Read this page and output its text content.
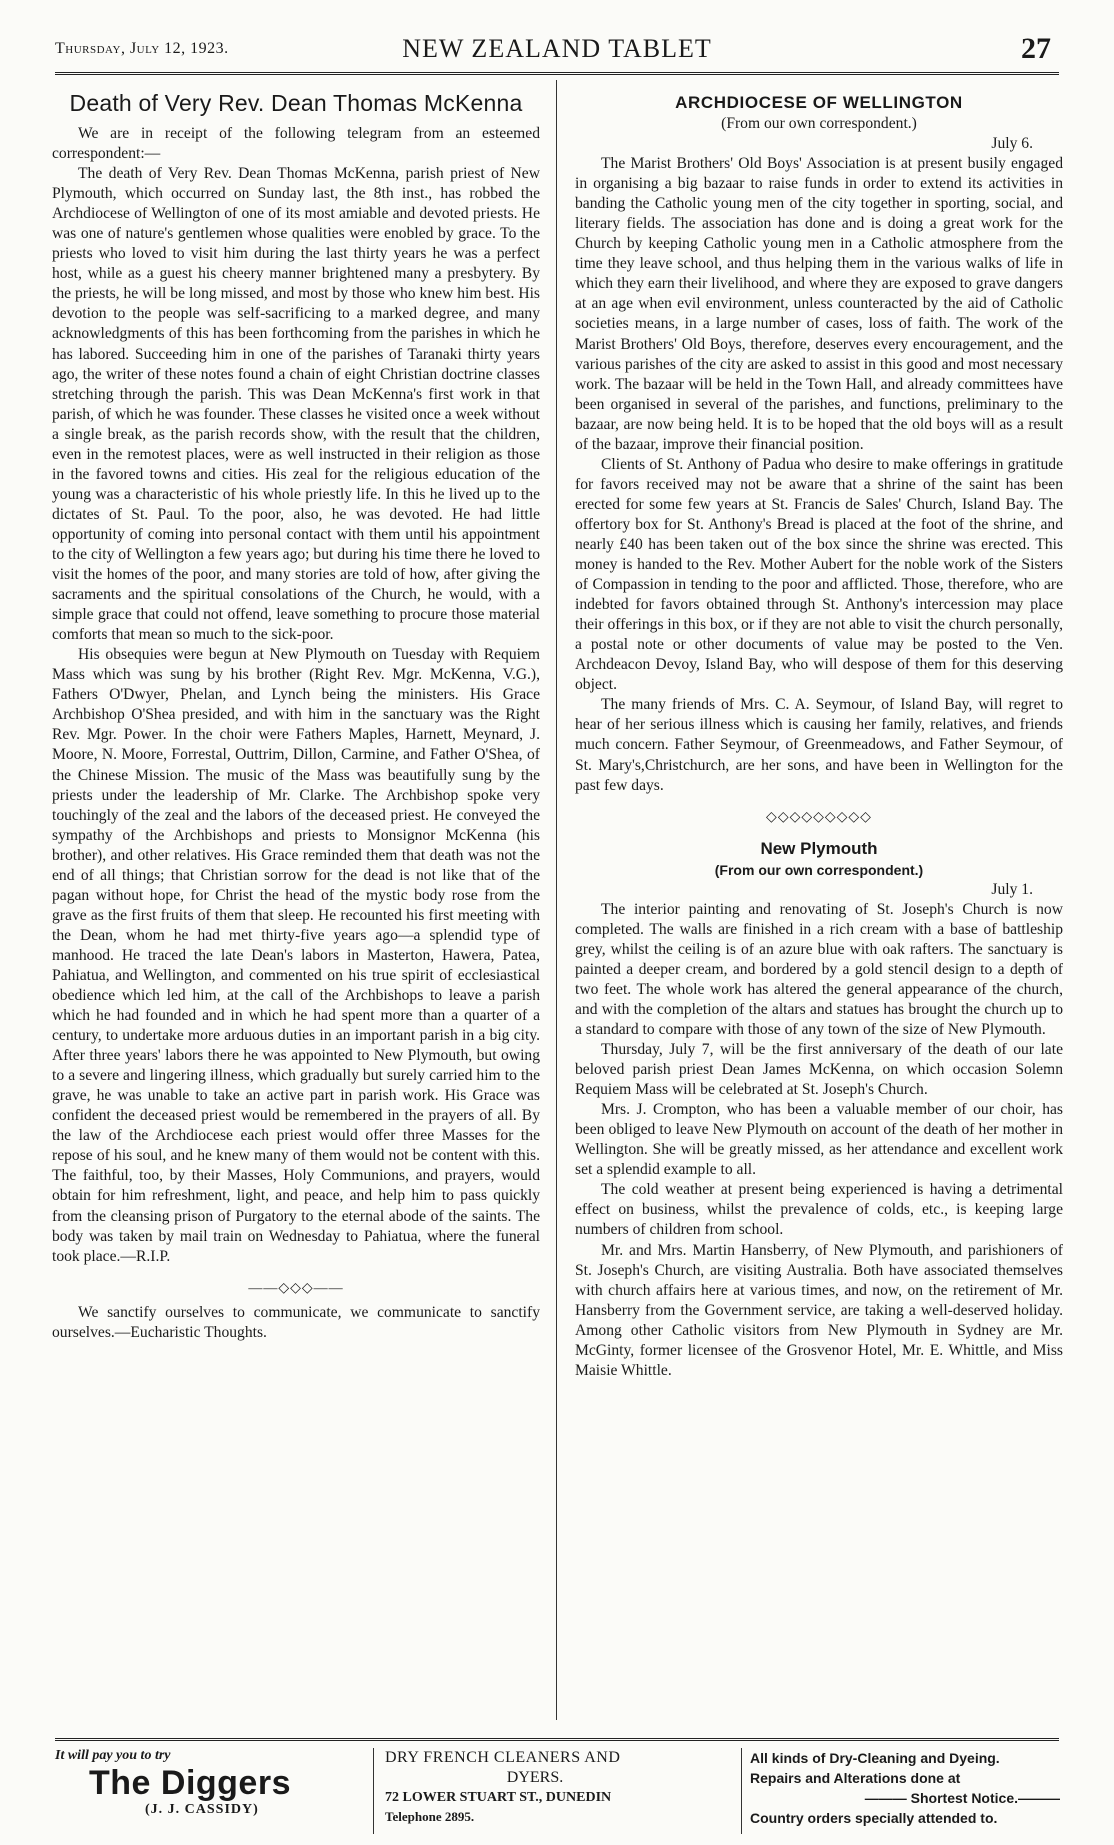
Thursday, July 12, 1923.	NEW ZEALAND TABLET	27
Death of Very Rev. Dean Thomas McKenna

We are in receipt of the following telegram from an esteemed correspondent:—

The death of Very Rev. Dean Thomas McKenna, parish priest of New Plymouth, which occurred on Sunday last, the 8th inst., has robbed the Archdiocese of Wellington of one of its most amiable and devoted priests. He was one of nature's gentlemen whose qualities were enobled by grace. To the priests who loved to visit him during the last thirty years he was a perfect host, while as a guest his cheery manner brightened many a presbytery. By the priests, he will be long missed, and most by those who knew him best. His devotion to the people was self-sacrificing to a marked degree, and many acknowledgments of this has been forthcoming from the parishes in which he has labored. Succeeding him in one of the parishes of Taranaki thirty years ago, the writer of these notes found a chain of eight Christian doctrine classes stretching through the parish. This was Dean McKenna's first work in that parish, of which he was founder. These classes he visited once a week without a single break, as the parish records show, with the result that the children, even in the remotest places, were as well instructed in their religion as those in the favored towns and cities. His zeal for the religious education of the young was a characteristic of his whole priestly life. In this he lived up to the dictates of St. Paul. To the poor, also, he was devoted. He had little opportunity of coming into personal contact with them until his appointment to the city of Wellington a few years ago; but during his time there he loved to visit the homes of the poor, and many stories are told of how, after giving the sacraments and the spiritual consolations of the Church, he would, with a simple grace that could not offend, leave something to procure those material comforts that mean so much to the sick-poor.

His obsequies were begun at New Plymouth on Tuesday with Requiem Mass which was sung by his brother (Right Rev. Mgr. McKenna, V.G.), Fathers O'Dwyer, Phelan, and Lynch being the ministers. His Grace Archbishop O'Shea presided, and with him in the sanctuary was the Right Rev. Mgr. Power. In the choir were Fathers Maples, Harnett, Meynard, J. Moore, N. Moore, Forrestal, Outtrim, Dillon, Carmine, and Father O'Shea, of the Chinese Mission. The music of the Mass was beautifully sung by the priests under the leadership of Mr. Clarke. The Archbishop spoke very touchingly of the zeal and the labors of the deceased priest. He conveyed the sympathy of the Archbishops and priests to Monsignor McKenna (his brother), and other relatives. His Grace reminded them that death was not the end of all things; that Christian sorrow for the dead is not like that of the pagan without hope, for Christ the head of the mystic body rose from the grave as the first fruits of them that sleep. He recounted his first meeting with the Dean, whom he had met thirty-five years ago—a splendid type of manhood. He traced the late Dean's labors in Masterton, Hawera, Patea, Pahiatua, and Wellington, and commented on his true spirit of ecclesiastical obedience which led him, at the call of the Archbishops to leave a parish which he had founded and in which he had spent more than a quarter of a century, to undertake more arduous duties in an important parish in a big city. After three years' labors there he was appointed to New Plymouth, but owing to a severe and lingering illness, which gradually but surely carried him to the grave, he was unable to take an active part in parish work. His Grace was confident the deceased priest would be remembered in the prayers of all. By the law of the Archdiocese each priest would offer three Masses for the repose of his soul, and he knew many of them would not be content with this. The faithful, too, by their Masses, Holy Communions, and prayers, would obtain for him refreshment, light, and peace, and help him to pass quickly from the cleansing prison of Purgatory to the eternal abode of the saints. The body was taken by mail train on Wednesday to Pahiatua, where the funeral took place.—R.I.P.

——◇◇◇——

We sanctify ourselves to communicate, we communicate to sanctify ourselves.—Eucharistic Thoughts.

ARCHDIOCESE OF WELLINGTON

(From our own correspondent.)

July 6.

The Marist Brothers' Old Boys' Association is at present busily engaged in organising a big bazaar to raise funds in order to extend its activities in banding the Catholic young men of the city together in sporting, social, and literary fields. The association has done and is doing a great work for the Church by keeping Catholic young men in a Catholic atmosphere from the time they leave school, and thus helping them in the various walks of life in which they earn their livelihood, and where they are exposed to grave dangers at an age when evil environment, unless counteracted by the aid of Catholic societies means, in a large number of cases, loss of faith. The work of the Marist Brothers' Old Boys, therefore, deserves every encouragement, and the various parishes of the city are asked to assist in this good and most necessary work. The bazaar will be held in the Town Hall, and already committees have been organised in several of the parishes, and functions, preliminary to the bazaar, are now being held. It is to be hoped that the old boys will as a result of the bazaar, improve their financial position.

Clients of St. Anthony of Padua who desire to make offerings in gratitude for favors received may not be aware that a shrine of the saint has been erected for some few years at St. Francis de Sales' Church, Island Bay. The offertory box for St. Anthony's Bread is placed at the foot of the shrine, and nearly £40 has been taken out of the box since the shrine was erected. This money is handed to the Rev. Mother Aubert for the noble work of the Sisters of Compassion in tending to the poor and afflicted. Those, therefore, who are indebted for favors obtained through St. Anthony's intercession may place their offerings in this box, or if they are not able to visit the church personally, a postal note or other documents of value may be posted to the Ven. Archdeacon Devoy, Island Bay, who will despose of them for this deserving object.

The many friends of Mrs. C. A. Seymour, of Island Bay, will regret to hear of her serious illness which is causing her family, relatives, and friends much concern. Father Seymour, of Greenmeadows, and Father Seymour, of St. Mary's,Christchurch, are her sons, and have been in Wellington for the past few days.

◇◇◇◇◇◇◇◇◇
New Plymouth

(From our own correspondent.)

July 1.

The interior painting and renovating of St. Joseph's Church is now completed. The walls are finished in a rich cream with a base of battleship grey, whilst the ceiling is of an azure blue with oak rafters. The sanctuary is painted a deeper cream, and bordered by a gold stencil design to a depth of two feet. The whole work has altered the general appearance of the church, and with the completion of the altars and statues has brought the church up to a standard to compare with those of any town of the size of New Plymouth.

Thursday, July 7, will be the first anniversary of the death of our late beloved parish priest Dean James McKenna, on which occasion Solemn Requiem Mass will be celebrated at St. Joseph's Church.

Mrs. J. Crompton, who has been a valuable member of our choir, has been obliged to leave New Plymouth on account of the death of her mother in Wellington. She will be greatly missed, as her attendance and excellent work set a splendid example to all.

The cold weather at present being experienced is having a detrimental effect on business, whilst the prevalence of colds, etc., is keeping large numbers of children from school.

Mr. and Mrs. Martin Hansberry, of New Plymouth, and parishioners of St. Joseph's Church, are visiting Australia. Both have associated themselves with church affairs here at various times, and now, on the retirement of Mr. Hansberry from the Government service, are taking a well-deserved holiday. Among other Catholic visitors from New Plymouth in Sydney are Mr. McGinty, former licensee of the Grosvenor Hotel, Mr. E. Whittle, and Miss Maisie Whittle.

It will pay you to try
The Diggers
(J. J. CASSIDY)
DRY FRENCH CLEANERS AND
DYERS.
72 LOWER STUART ST., DUNEDIN
Telephone 2895.
All kinds of Dry-Cleaning and Dyeing.
Repairs and Alterations done at
——— Shortest Notice.———
Country orders specially attended to.
